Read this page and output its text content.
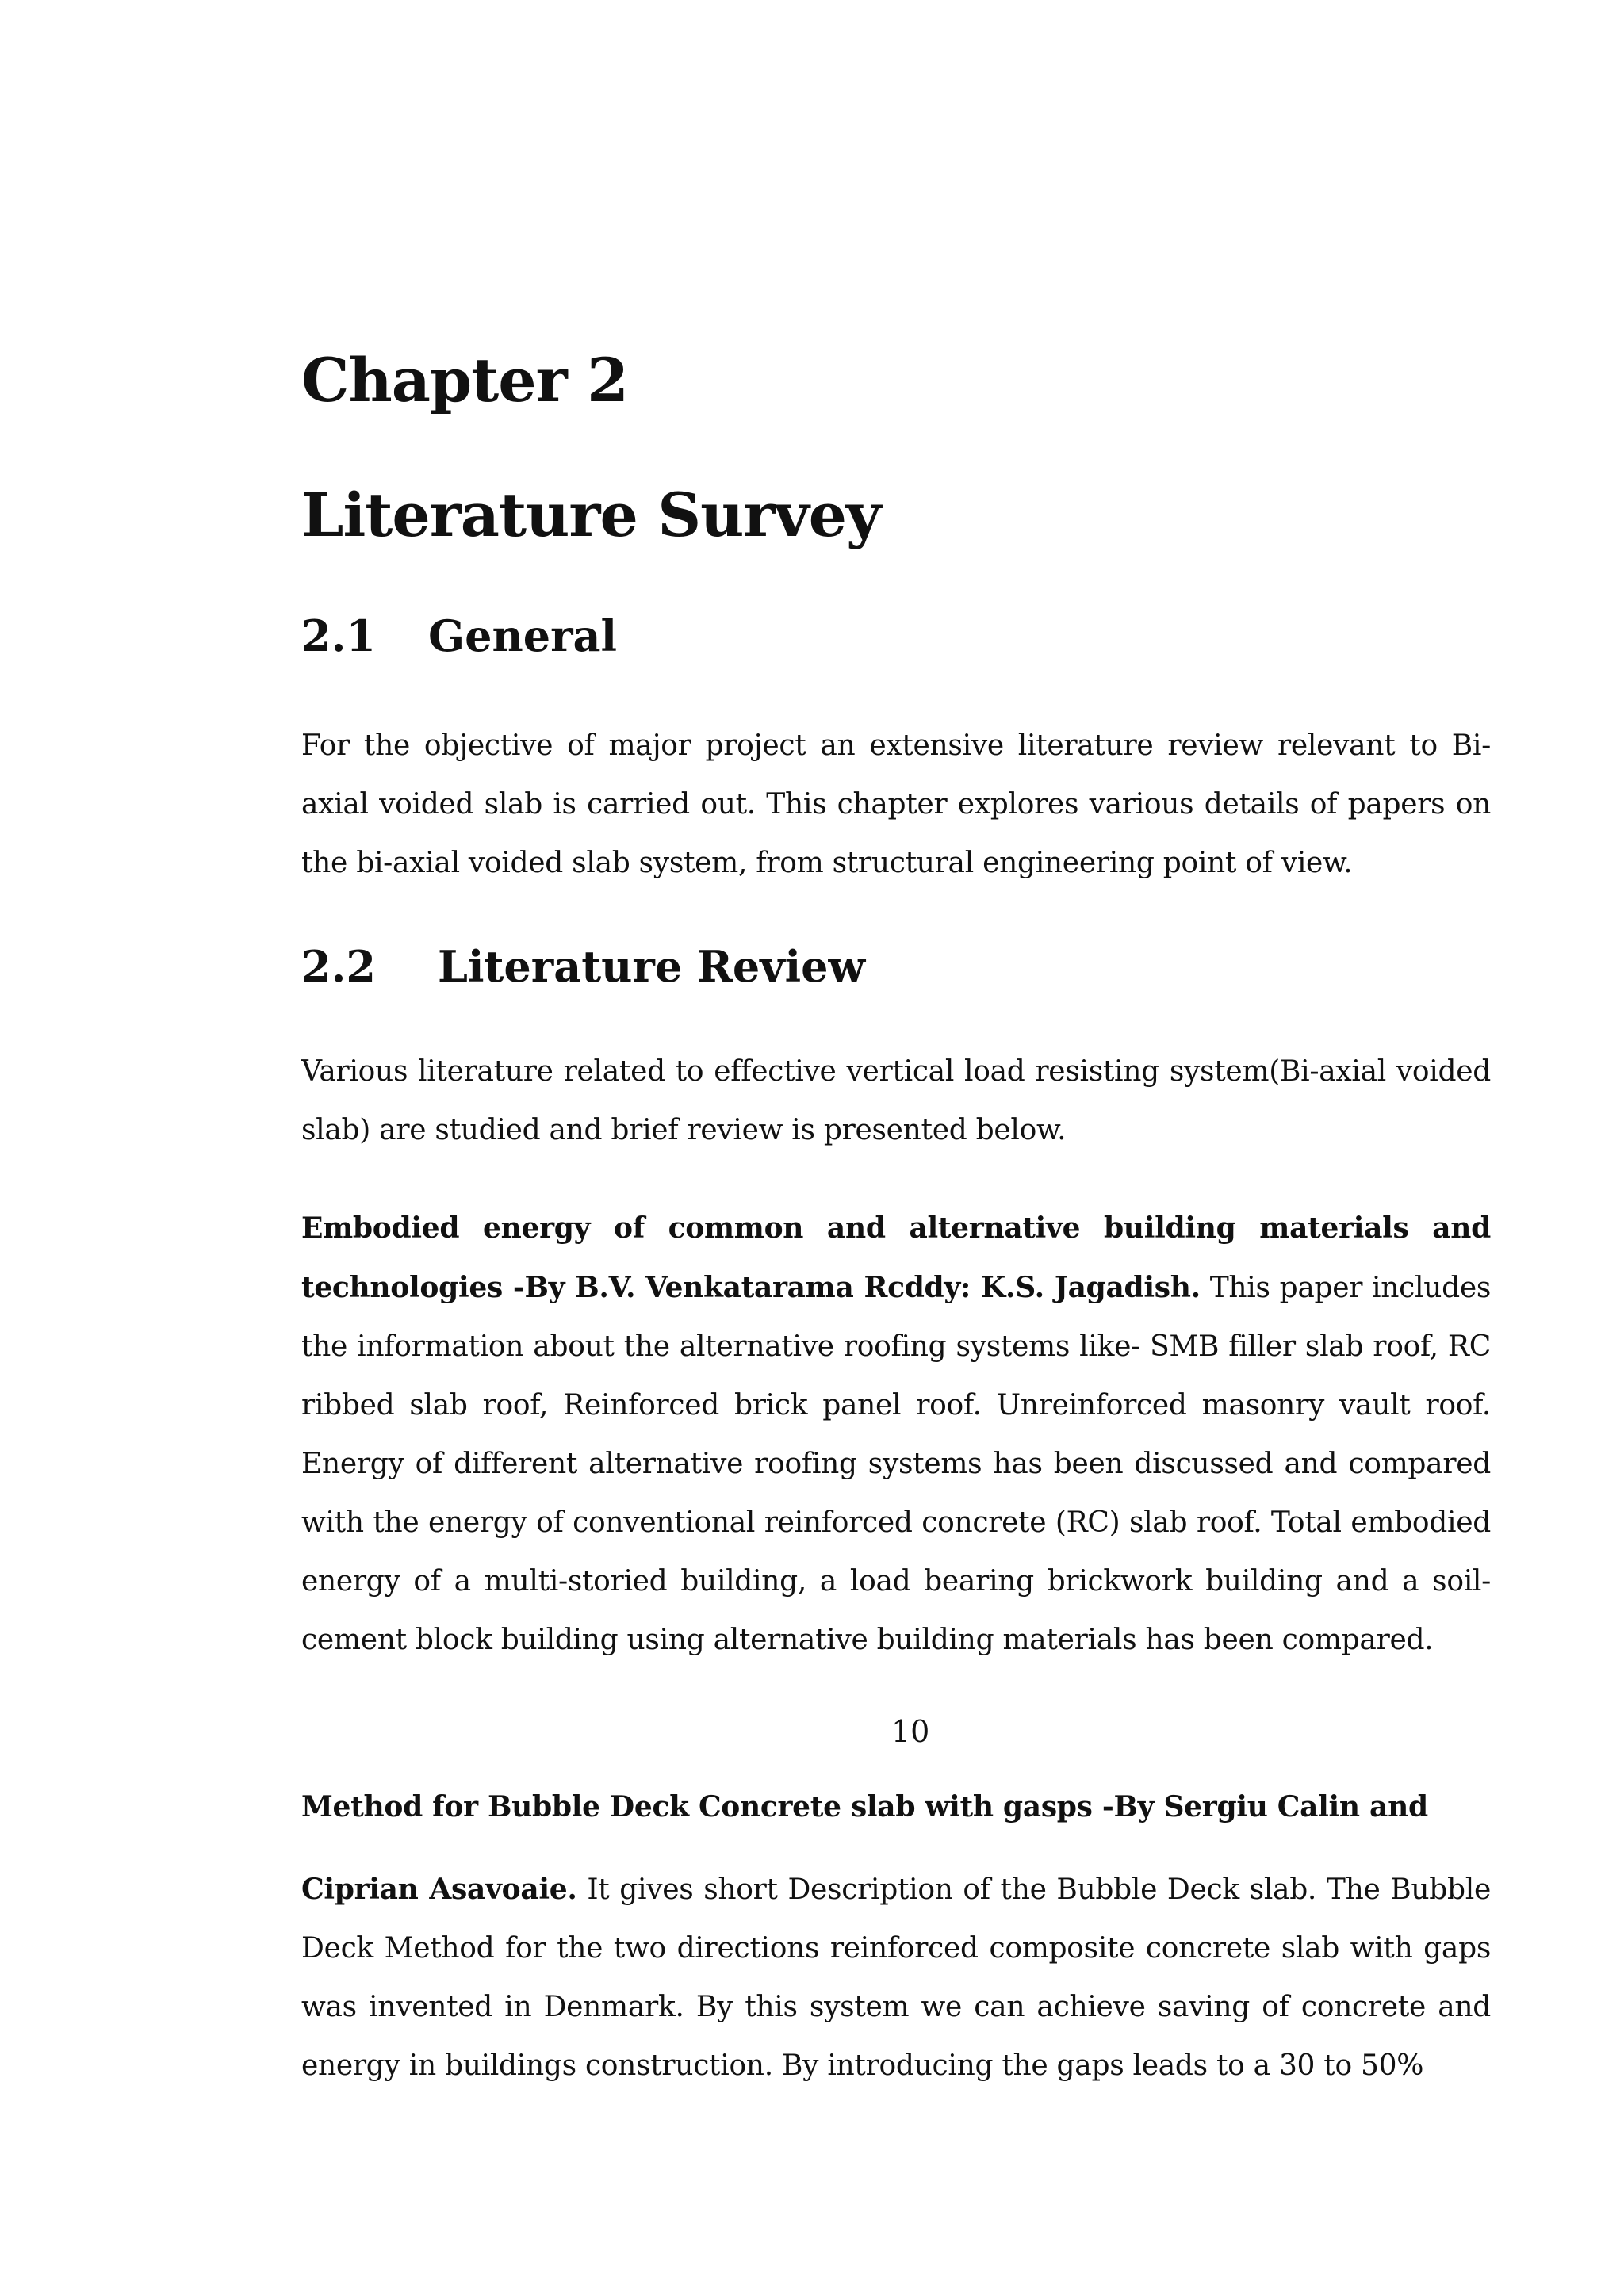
Chapter 2
Literature Survey
2.1 General

For the objective of major project an extensive literature review relevant to Bi-axial voided slab is carried out. This chapter explores various details of papers on the bi-axial voided slab system, from structural engineering point of view.

2.2 Literature Review

Various literature related to effective vertical load resisting system(Bi-axial voided slab) are studied and brief review is presented below.

Embodied energy of common and alternative building materials and technologies -By B.V. Venkatarama Rcddy: K.S. Jagadish. This paper includes the information about the alternative roofing systems like- SMB filler slab roof, RC ribbed slab roof, Reinforced brick panel roof. Unreinforced masonry vault roof. Energy of different alternative roofing systems has been discussed and compared with the energy of conventional reinforced concrete (RC) slab roof. Total embodied energy of a multi-storied building, a load bearing brickwork building and a soil-cement block building using alternative building materials has been compared.

10
Method for Bubble Deck Concrete slab with gasps -By Sergiu Calin and

Ciprian Asavoaie. It gives short Description of the Bubble Deck slab. The Bubble Deck Method for the two directions reinforced composite concrete slab with gaps was invented in Denmark. By this system we can achieve saving of concrete and energy in buildings construction. By introducing the gaps leads to a 30 to 50%
